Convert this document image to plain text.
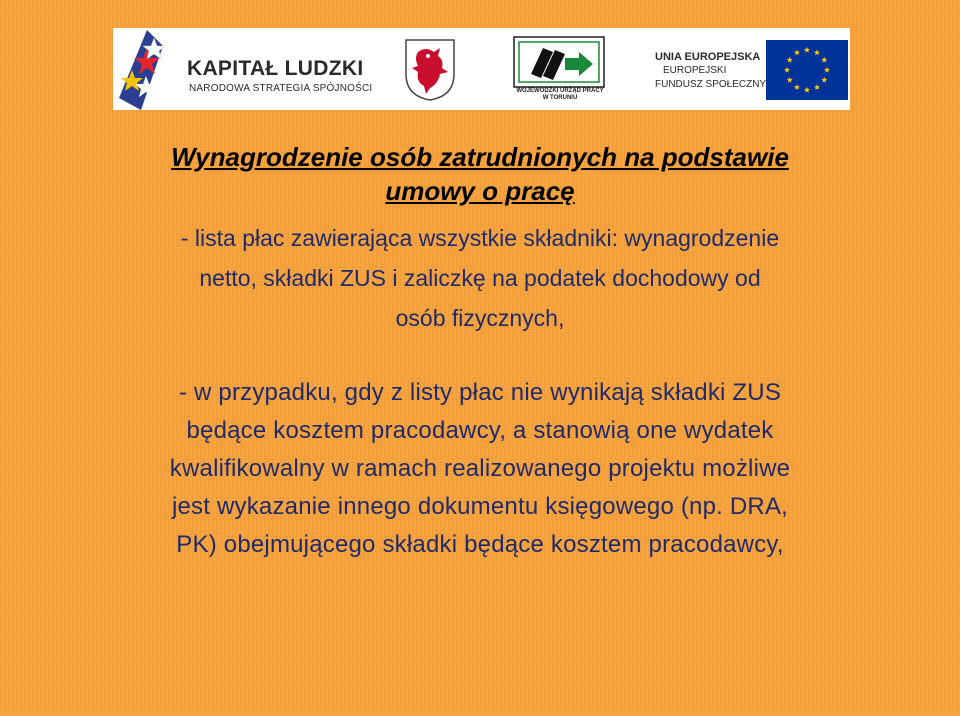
KAPITAŁ LUDZKI
NARODOWA STRATEGIA SPÓJNOŚCI	WOJEWÓDZKI URZĄD PRACY
W TORUNIU
UNIA EUROPEJSKA
EUROPEJSKI
FUNDUSZ SPOŁECZNY
Wynagrodzenie osób zatrudnionych na podstawie
umowy o pracę

- lista płac zawierająca wszystkie składniki: wynagrodzenie
netto, składki ZUS i zaliczkę na podatek dochodowy od
osób fizycznych,

- w przypadku, gdy z listy płac nie wynikają składki ZUS
będące kosztem pracodawcy, a stanowią one wydatek
kwalifikowalny w ramach realizowanego projektu możliwe
jest wykazanie innego dokumentu księgowego (np. DRA,
PK) obejmującego składki będące kosztem pracodawcy,
